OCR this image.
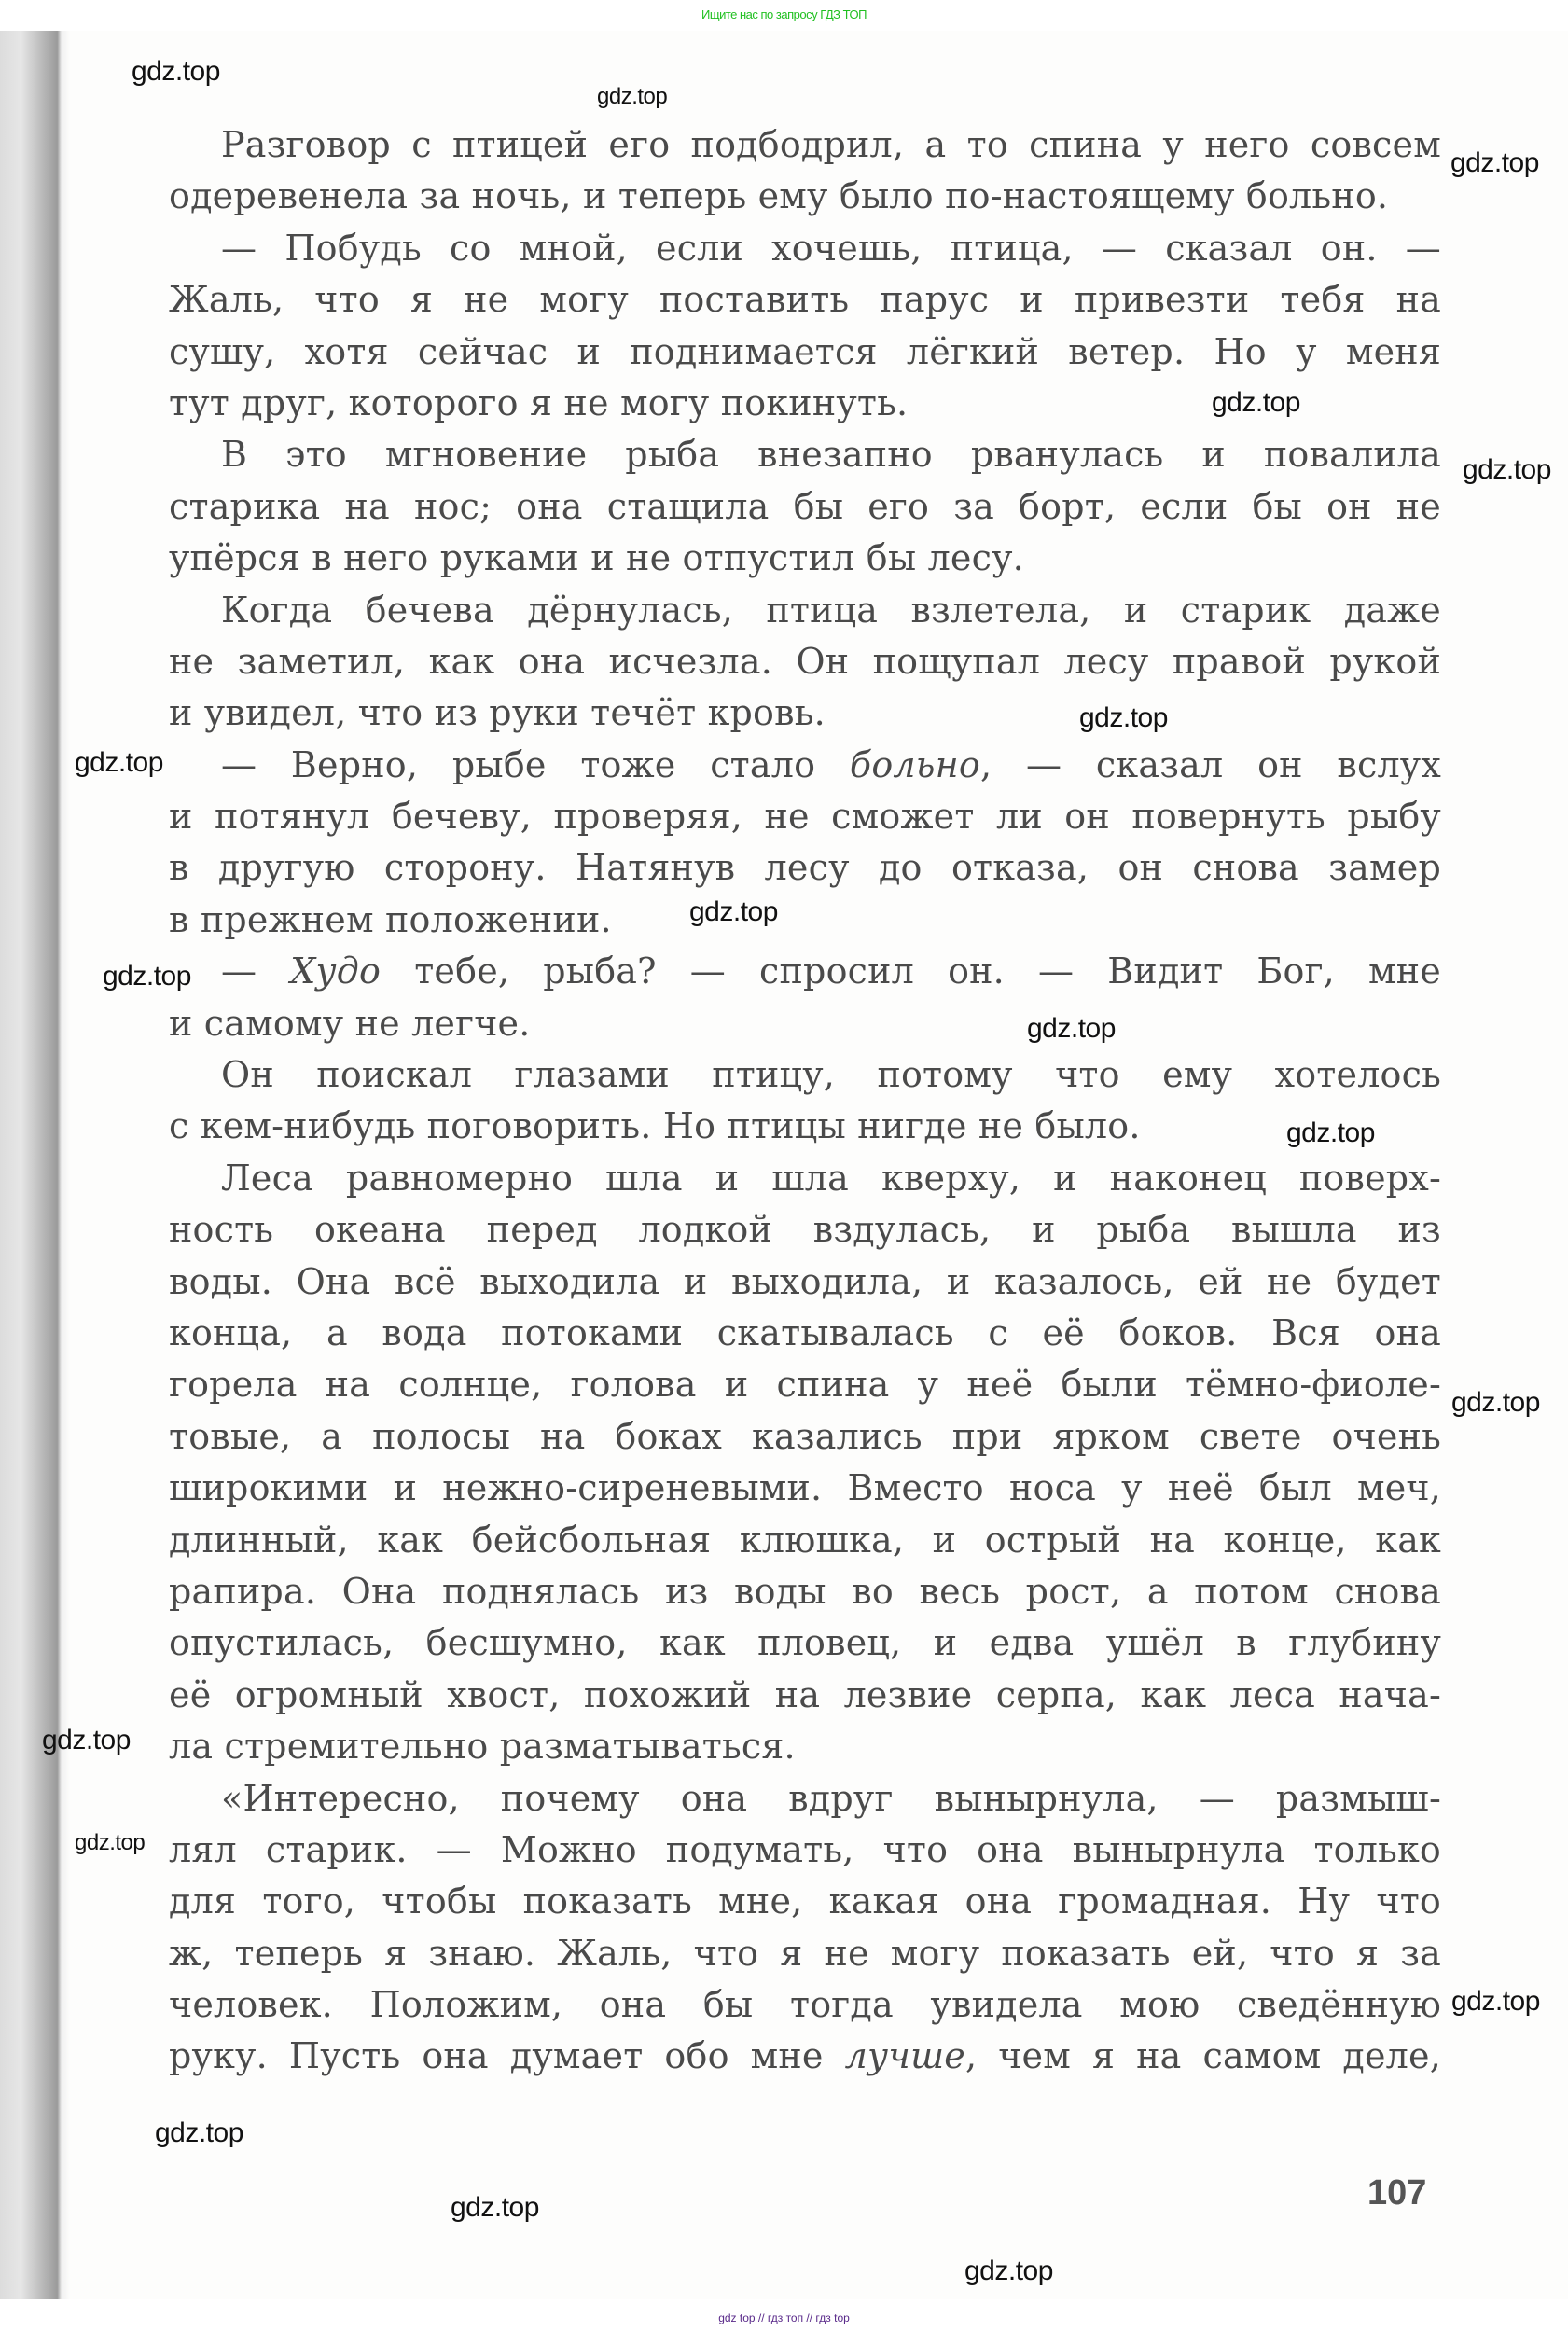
Ищите нас по запросу ГДЗ ТОП
Разговор с птицей его подбодрил, а то спина у него совсем
одеревенела за ночь, и теперь ему было по-настоящему больно.
— Побудь со мной, если хочешь, птица, — сказал он. —
Жаль, что я не могу поставить парус и привезти тебя на
сушу, хотя сейчас и поднимается лёгкий ветер. Но у меня
тут друг, которого я не могу покинуть.
В это мгновение рыба внезапно рванулась и повалила
старика на нос; она стащила бы его за борт, если бы он не
упёрся в него руками и не отпустил бы лесу.
Когда бечева дёрнулась, птица взлетела, и старик даже
не заметил, как она исчезла. Он пощупал лесу правой рукой
и увидел, что из руки течёт кровь.
— Верно, рыбе тоже стало больно, — сказал он вслух
и потянул бечеву, проверяя, не сможет ли он повернуть рыбу
в другую сторону. Натянув лесу до отказа, он снова замер
в прежнем положении.
— Худо тебе, рыба? — спросил он. — Видит Бог, мне
и самому не легче.
Он поискал глазами птицу, потому что ему хотелось
с кем-нибудь поговорить. Но птицы нигде не было.
Леса равномерно шла и шла кверху, и наконец поверх-
ность океана перед лодкой вздулась, и рыба вышла из
воды. Она всё выходила и выходила, и казалось, ей не будет
конца, а вода потоками скатывалась с её боков. Вся она
горела на солнце, голова и спина у неё были тёмно-фиоле-
товые, а полосы на боках казались при ярком свете очень
широкими и нежно-сиреневыми. Вместо носа у неё был меч,
длинный, как бейсбольная клюшка, и острый на конце, как
рапира. Она поднялась из воды во весь рост, а потом снова
опустилась, бесшумно, как пловец, и едва ушёл в глубину
её огромный хвост, похожий на лезвие серпа, как леса нача-
ла стремительно разматываться.
«Интересно, почему она вдруг вынырнула, — размыш-
лял старик. — Можно подумать, что она вынырнула только
для того, чтобы показать мне, какая она громадная. Ну что
ж, теперь я знаю. Жаль, что я не могу показать ей, что я за
человек. Положим, она бы тогда увидела мою сведённую
руку. Пусть она думает обо мне лучше, чем я на самом деле,
107
gdz.top
gdz.top
gdz.top
gdz.top
gdz.top
gdz.top
gdz.top
gdz.top
gdz.top
gdz.top
gdz.top
gdz.top
gdz.top
gdz.top
gdz.top
gdz.top
gdz.top
gdz.top
gdz top // гдз топ // гдз top
